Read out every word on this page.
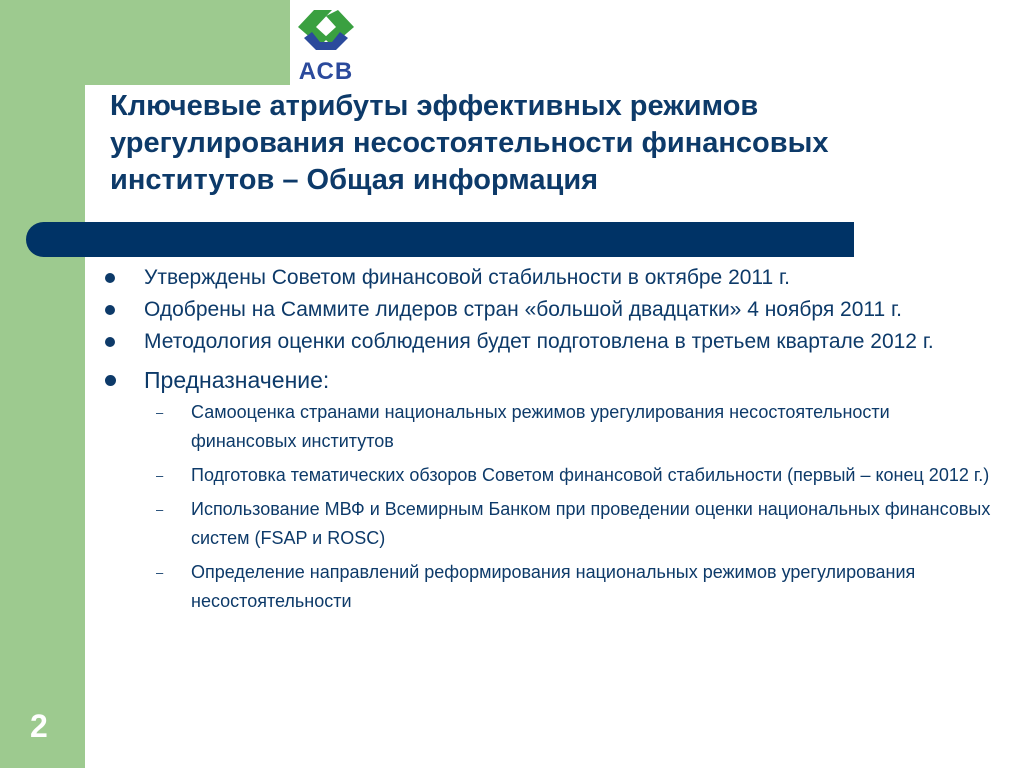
АСВ
Ключевые атрибуты эффективных режимов урегулирования несостоятельности финансовых институтов – Общая информация
Утверждены Советом финансовой стабильности в октябре 2011 г.
Одобрены на Саммите лидеров стран «большой двадцатки» 4 ноября 2011 г.
Методология оценки соблюдения будет подготовлена в третьем квартале 2012 г.
Предназначение:
– Самооценка странами национальных режимов урегулирования несостоятельности финансовых институтов
– Подготовка тематических обзоров Советом финансовой стабильности (первый – конец 2012 г.)
– Использование МВФ и Всемирным Банком при проведении оценки национальных финансовых систем (FSAP и ROSC)
– Определение направлений реформирования национальных режимов урегулирования несостоятельности
2
